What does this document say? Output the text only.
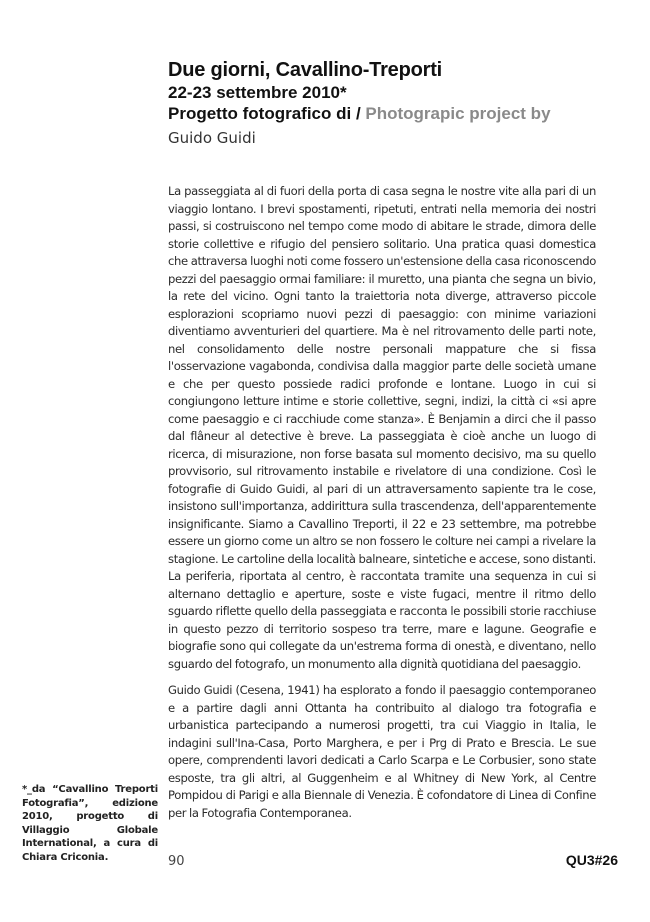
Due giorni, Cavallino-Treporti
22-23 settembre 2010*
Progetto fotografico di / Photograpic project by
Guido Guidi
La passeggiata al di fuori della porta di casa segna le nostre vite alla pari di un viaggio lontano. I brevi spostamenti, ripetuti, entrati nella memoria dei nostri passi, si costruiscono nel tempo come modo di abitare le strade, dimora delle storie collettive e rifugio del pensiero solitario. Una pratica quasi domestica che attraversa luoghi noti come fossero un'estensione della casa riconoscendo pezzi del paesaggio ormai familiare: il muretto, una pianta che segna un bivio, la rete del vicino. Ogni tanto la traiettoria nota diverge, attraverso piccole esplorazioni scopriamo nuovi pezzi di paesaggio: con minime variazioni diventiamo avventurieri del quartiere. Ma è nel ritrovamento delle parti note, nel consolidamento delle nostre personali mappature che si fissa l'osservazione vagabonda, condivisa dalla maggior parte delle società umane e che per questo possiede radici profonde e lontane. Luogo in cui si congiungono letture intime e storie collettive, segni, indizi, la città ci «si apre come paesaggio e ci racchiude come stanza». È Benjamin a dirci che il passo dal flâneur al detective è breve. La passeggiata è cioè anche un luogo di ricerca, di misurazione, non forse basata sul momento decisivo, ma su quello provvisorio, sul ritrovamento instabile e rivelatore di una condizione. Così le fotografie di Guido Guidi, al pari di un attraversamento sapiente tra le cose, insistono sull'importanza, addirittura sulla trascendenza, dell'apparentemente insignificante. Siamo a Cavallino Treporti, il 22 e 23 settembre, ma potrebbe essere un giorno come un altro se non fossero le colture nei campi a rivelare la stagione. Le cartoline della località balneare, sintetiche e accese, sono distanti. La periferia, riportata al centro, è raccontata tramite una sequenza in cui si alternano dettaglio e aperture, soste e viste fugaci, mentre il ritmo dello sguardo riflette quello della passeggiata e racconta le possibili storie racchiuse in questo pezzo di territorio sospeso tra terre, mare e lagune. Geografie e biografie sono qui collegate da un'estrema forma di onestà, e diventano, nello sguardo del fotografo, un monumento alla dignità quotidiana del paesaggio.
Guido Guidi (Cesena, 1941) ha esplorato a fondo il paesaggio contemporaneo e a partire dagli anni Ottanta ha contribuito al dialogo tra fotografia e urbanistica partecipando a numerosi progetti, tra cui Viaggio in Italia, le indagini sull'Ina-Casa, Porto Marghera, e per i Prg di Prato e Brescia. Le sue opere, comprendenti lavori dedicati a Carlo Scarpa e Le Corbusier, sono state esposte, tra gli altri, al Guggenheim e al Whitney di New York, al Centre Pompidou di Parigi e alla Biennale di Venezia. È cofondatore di Linea di Confine per la Fotografia Contemporanea.
*_da “Cavallino Treporti Fotografia”, edizione 2010, progetto di Villaggio Globale International, a cura di Chiara Criconia.	90	QU3#26
